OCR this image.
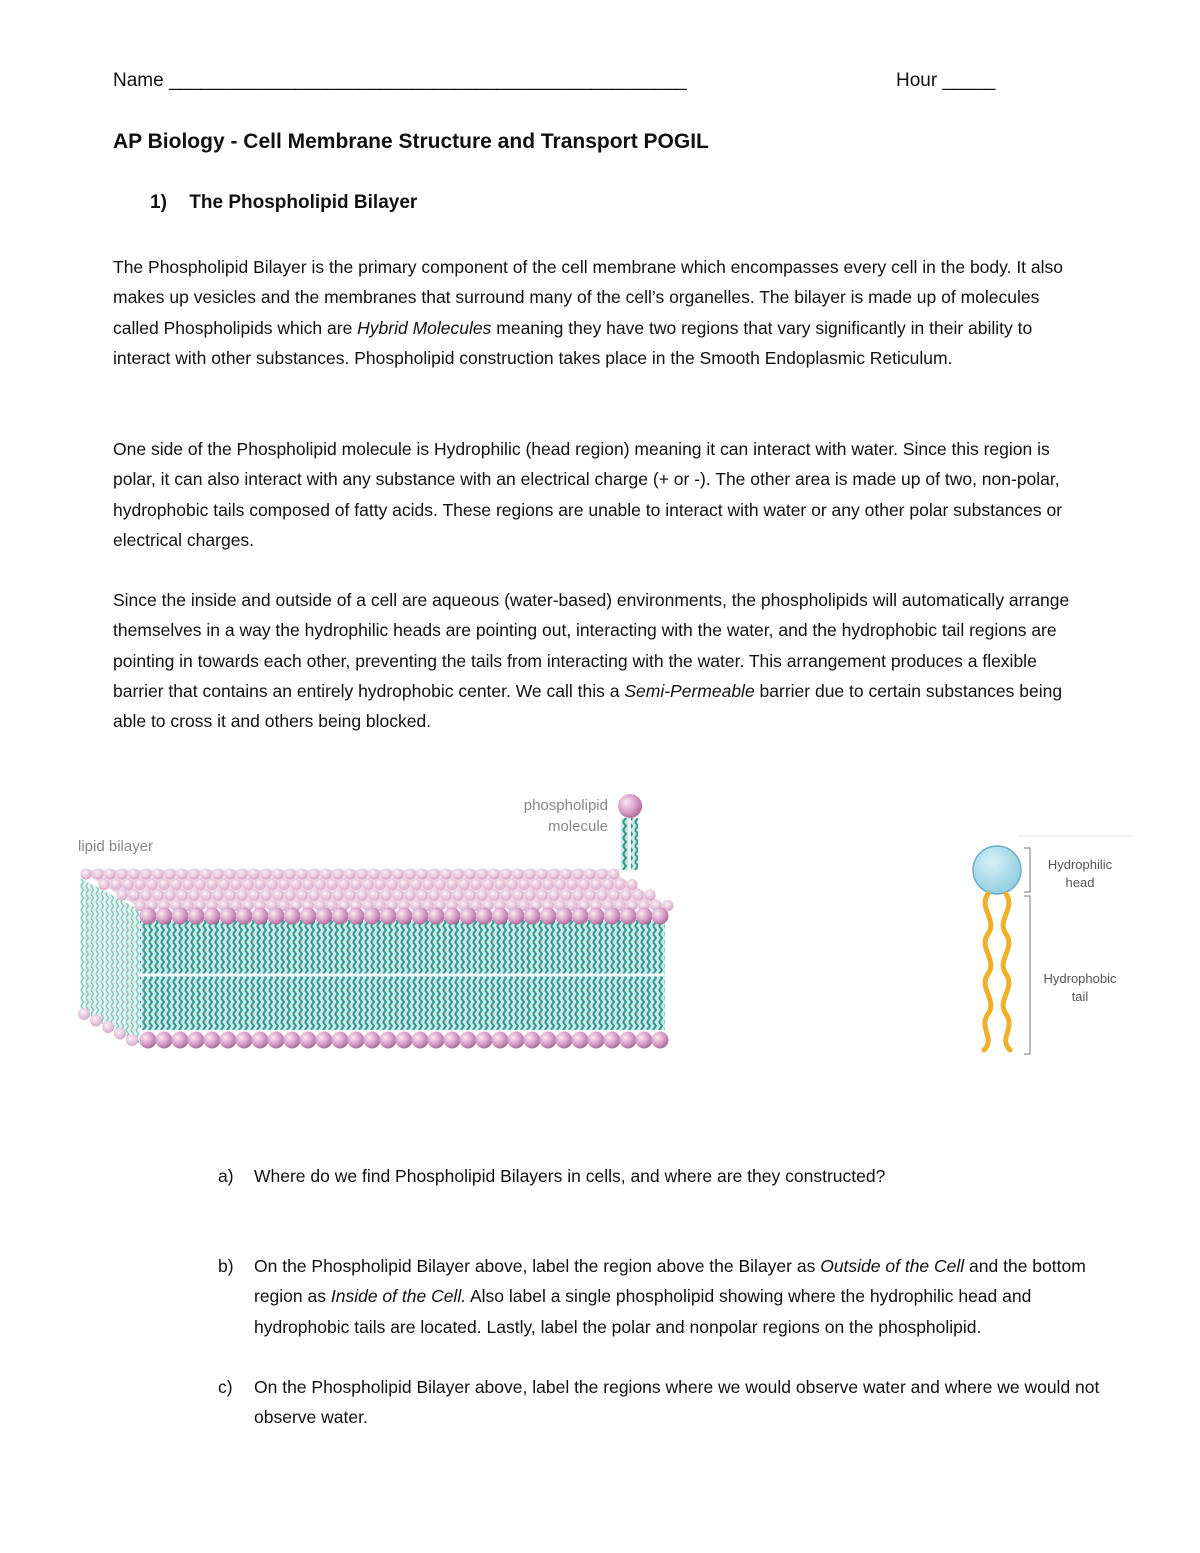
Name _________________________________________________	Hour _____
AP Biology - Cell Membrane Structure and Transport POGIL
1) The Phospholipid Bilayer
The Phospholipid Bilayer is the primary component of the cell membrane which encompasses every cell in the body. It also makes up vesicles and the membranes that surround many of the cell’s organelles. The bilayer is made up of molecules called Phospholipids which are Hybrid Molecules meaning they have two regions that vary significantly in their ability to interact with other substances. Phospholipid construction takes place in the Smooth Endoplasmic Reticulum.
One side of the Phospholipid molecule is Hydrophilic (head region) meaning it can interact with water. Since this region is polar, it can also interact with any substance with an electrical charge (+ or -). The other area is made up of two, non-polar, hydrophobic tails composed of fatty acids. These regions are unable to interact with water or any other polar substances or electrical charges.
Since the inside and outside of a cell are aqueous (water-based) environments, the phospholipids will automatically arrange themselves in a way the hydrophilic heads are pointing out, interacting with the water, and the hydrophobic tail regions are pointing in towards each other, preventing the tails from interacting with the water. This arrangement produces a flexible barrier that contains an entirely hydrophobic center. We call this a Semi-Permeable barrier due to certain substances being able to cross it and others being blocked.
lipid bilayer
phospholipid
molecule
Hydrophilic
head
Hydrophobic
tail
a)	Where do we find Phospholipid Bilayers in cells, and where are they constructed?
b)	On the Phospholipid Bilayer above, label the region above the Bilayer as Outside of the Cell and the bottom region as Inside of the Cell. Also label a single phospholipid showing where the hydrophilic head and hydrophobic tails are located. Lastly, label the polar and nonpolar regions on the phospholipid.
c)	On the Phospholipid Bilayer above, label the regions where we would observe water and where we would not observe water.
